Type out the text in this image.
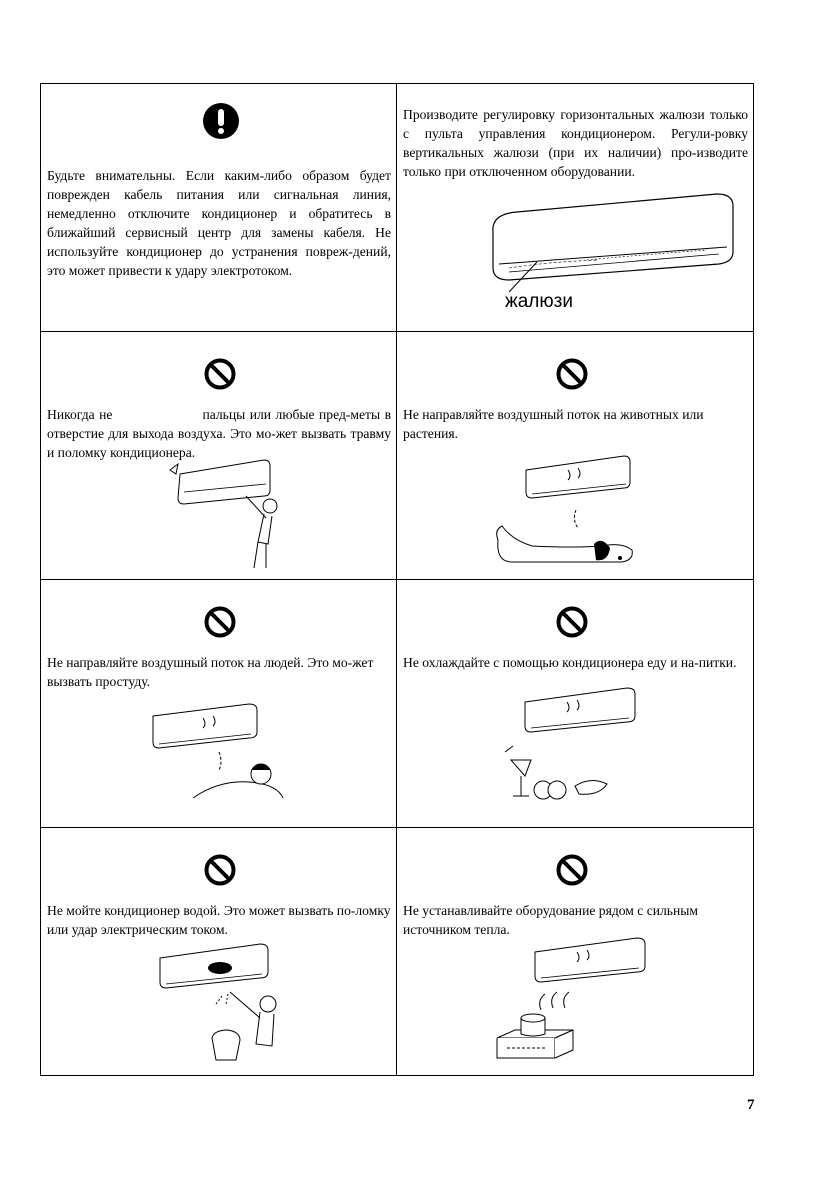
Будьте внимательны. Если каким-либо образом будет поврежден кабель питания или сигнальная линия, немедленно отключите кондиционер и обратитесь в ближайший сервисный центр для замены кабеля. Не используйте кондиционер до устранения повреж-дений, это может привести к удару электротоком.	Производите регулировку горизонтальных жалюзи только с пульта управления кондиционером. Регули-ровку вертикальных жалюзи (при их наличии) про-изводите только при отключенном оборудовании.
жалюзи

Никогда не пальцы или любые пред-меты в отверстие для выхода воздуха. Это мо-жет вызвать травму и поломку кондиционера.	Не направляйте воздушный поток на животных или растения.

Не направляйте воздушный поток на людей. Это мо-жет вызвать простуду.	Не охлаждайте с помощью кондиционера еду и на-питки.

Не мойте кондиционер водой. Это может вызвать по-ломку или удар электрическим током.	Не устанавливайте оборудование рядом с сильным источником тепла.
7
